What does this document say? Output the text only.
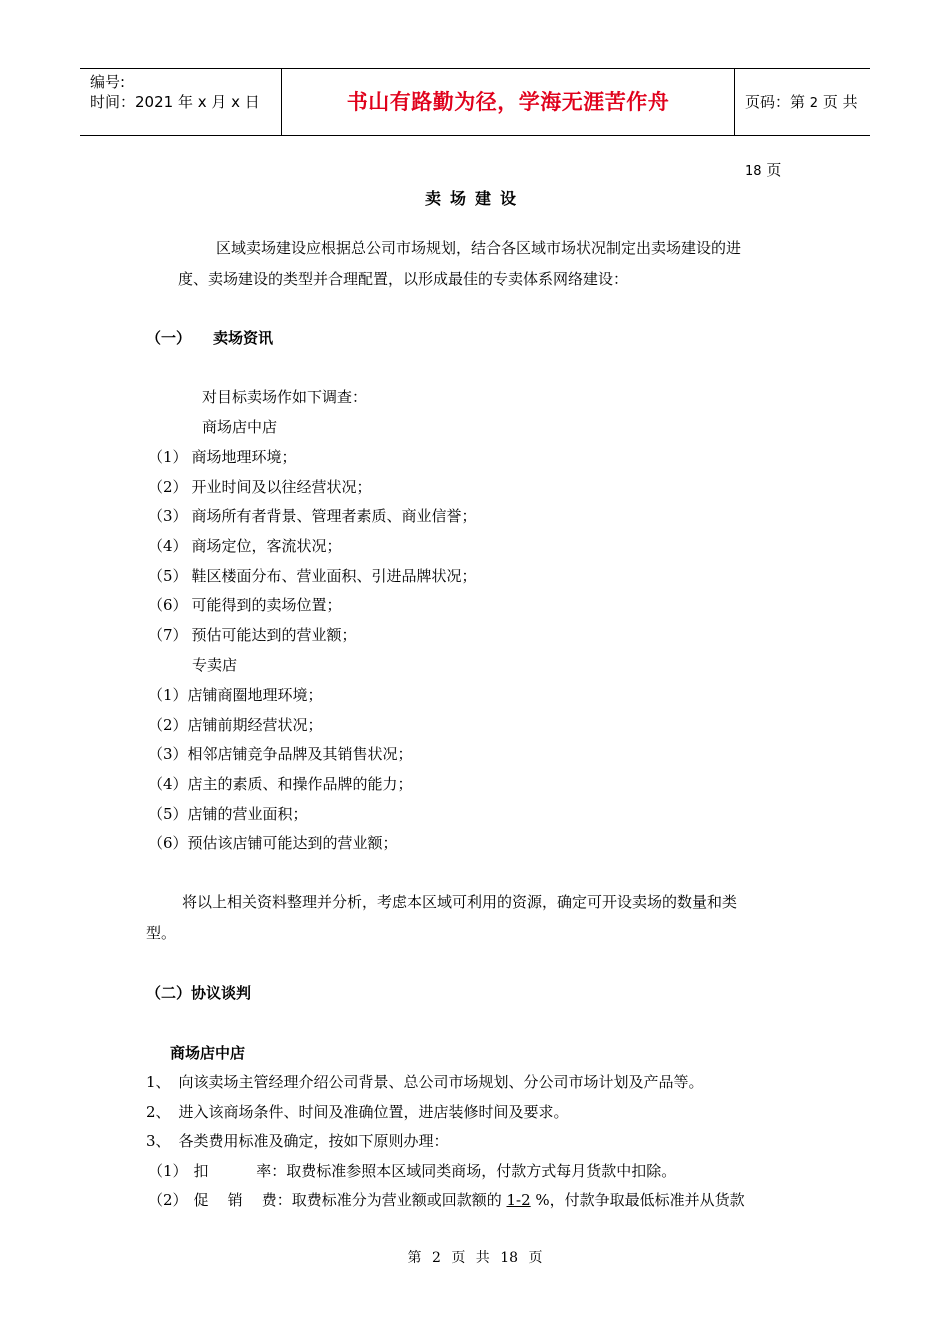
编号:
时间：2021 年 x 月 x 日	书山有路勤为径，学海无涯苦作舟	页码：第 2 页 共 18 页
卖场建设
区域卖场建设应根据总公司市场规划，结合各区域市场状况制定出卖场建设的进
度、卖场建设的类型并合理配置，以形成最佳的专卖体系网络建设：
（一） 卖场资讯
对目标卖场作如下调查：
商场店中店
（1） 商场地理环境；
（2） 开业时间及以往经营状况；
（3） 商场所有者背景、管理者素质、商业信誉；
（4） 商场定位，客流状况；
（5） 鞋区楼面分布、营业面积、引进品牌状况；
（6） 可能得到的卖场位置；
（7） 预估可能达到的营业额；
专卖店
（1）店铺商圈地理环境；
（2）店铺前期经营状况；
（3）相邻店铺竞争品牌及其销售状况；
（4）店主的素质、和操作品牌的能力；
（5）店铺的营业面积；
（6）预估该店铺可能达到的营业额；
将以上相关资料整理并分析，考虑本区域可利用的资源，确定可开设卖场的数量和类
型。
（二）协议谈判
商场店中店
1、 向该卖场主管经理介绍公司背景、总公司市场规划、分公司市场计划及产品等。
2、 进入该商场条件、时间及准确位置，进店装修时间及要求。
3、 各类费用标准及确定，按如下原则办理：
（1） 扣          率：取费标准参照本区域同类商场，付款方式每月货款中扣除。
（2） 促    销    费：取费标准分为营业额或回款额的 1-2 %，付款争取最低标准并从货款
第 2 页 共 18 页
